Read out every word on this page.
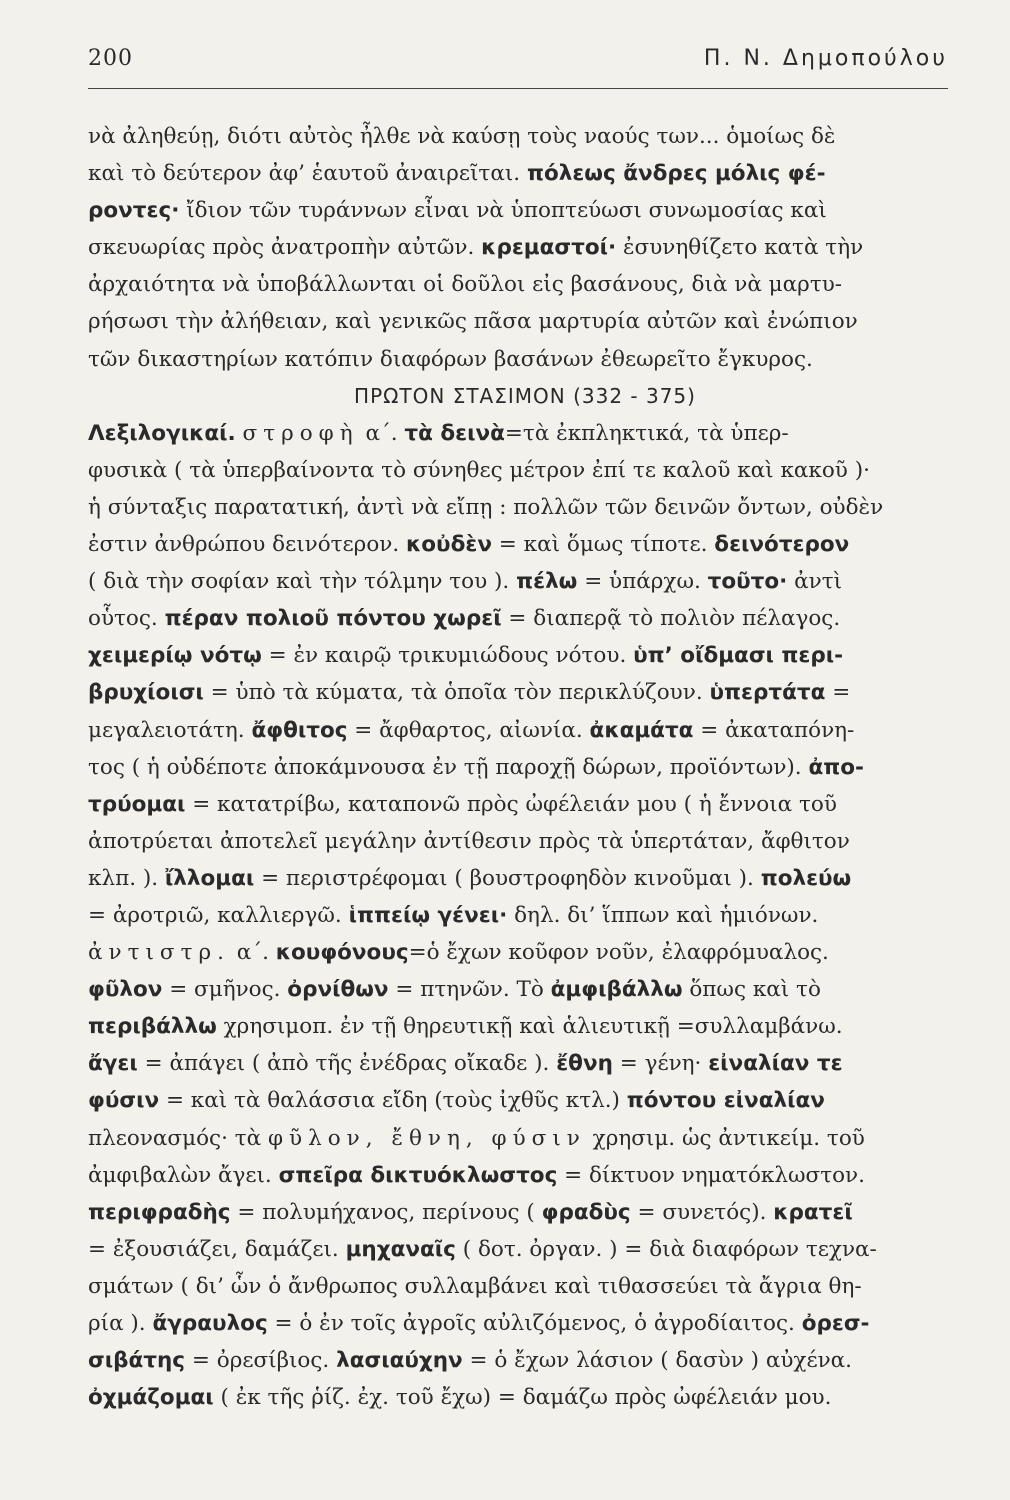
200	Π. Ν. Δημοπούλου
νὰ ἀληθεύῃ, διότι αὐτὸς ἦλθε νὰ καύσῃ τοὺς ναούς των... ὁμοίως δὲ
καὶ τὸ δεύτερον ἀφ’ ἑαυτοῦ ἀναιρεῖται. πόλεως ἄνδρες μόλις φέ-
ροντες· ἴδιον τῶν τυράννων εἶναι νὰ ὑποπτεύωσι συνωμοσίας καὶ
σκευωρίας πρὸς ἀνατροπὴν αὐτῶν. κρεμαστοί· ἐσυνηθίζετο κατὰ τὴν
ἀρχαιότητα νὰ ὑποβάλλωνται οἱ δοῦλοι εἰς βασάνους, διὰ νὰ μαρτυ-
ρήσωσι τὴν ἀλήθειαν, καὶ γενικῶς πᾶσα μαρτυρία αὐτῶν καὶ ἐνώπιον
τῶν δικαστηρίων κατόπιν διαφόρων βασάνων ἐθεωρεῖτο ἔγκυρος.
ΠΡΩΤΟΝ ΣΤΑΣΙΜΟΝ (332 - 375)
Λεξιλογικαί. στροφὴ α΄. τὰ δεινὰ=τὰ ἐκπληκτικά, τὰ ὑπερ-
φυσικὰ ( τὰ ὑπερβαίνοντα τὸ σύνηθες μέτρον ἐπί τε καλοῦ καὶ κακοῦ )·
ἡ σύνταξις παρατατική, ἀντὶ νὰ εἴπῃ : πολλῶν τῶν δεινῶν ὄντων, οὐδὲν
ἐστιν ἀνθρώπου δεινότερον. κοὐδὲν = καὶ ὅμως τίποτε. δεινότερον
( διὰ τὴν σοφίαν καὶ τὴν τόλμην του ). πέλω = ὑπάρχω. τοῦτο· ἀντὶ
οὗτος. πέραν πολιοῦ πόντου χωρεῖ = διαπερᾷ τὸ πολιὸν πέλαγος.
χειμερίῳ νότῳ = ἐν καιρῷ τρικυμιώδους νότου. ὑπ’ οἴδμασι περι-
βρυχίοισι = ὑπὸ τὰ κύματα, τὰ ὁποῖα τὸν περικλύζουν. ὑπερτάτα =
μεγαλειοτάτη. ἄφθιτος = ἄφθαρτος, αἰωνία. ἀκαμάτα = ἀκαταπόνη-
τος ( ἡ οὐδέποτε ἀποκάμνουσα ἐν τῇ παροχῇ δώρων, προϊόντων). ἀπο-
τρύομαι = κατατρίβω, καταπονῶ πρὸς ὠφέλειάν μου ( ἡ ἔννοια τοῦ
ἀποτρύεται ἀποτελεῖ μεγάλην ἀντίθεσιν πρὸς τὰ ὑπερτάταν, ἄφθιτον
κλπ. ). ἴλλομαι = περιστρέφομαι ( βουστροφηδὸν κινοῦμαι ). πολεύω
= ἀροτριῶ, καλλιεργῶ. ἱππείῳ γένει· δηλ. δι’ ἵππων καὶ ἡμιόνων.
ἀντιστρ. α΄. κουφόνους=ὁ ἔχων κοῦφον νοῦν, ἐλαφρόμυαλος.
φῦλον = σμῆνος. ὀρνίθων = πτηνῶν. Τὸ ἀμφιβάλλω ὅπως καὶ τὸ
περιβάλλω χρησιμοπ. ἐν τῇ θηρευτικῇ καὶ ἁλιευτικῇ =συλλαμβάνω.
ἄγει = ἀπάγει ( ἀπὸ τῆς ἐνέδρας οἴκαδε ). ἔθνη = γένη· εἰναλίαν τε
φύσιν = καὶ τὰ θαλάσσια εἴδη (τοὺς ἰχθῦς κτλ.) πόντου εἰναλίαν
πλεονασμός· τὰ φῦλον, ἔθνη, φύσιν χρησιμ. ὡς ἀντικείμ. τοῦ
ἀμφιβαλὼν ἄγει. σπεῖρα δικτυόκλωστος = δίκτυον νηματόκλωστον.
περιφραδὴς = πολυμήχανος, περίνους ( φραδὺς = συνετός). κρατεῖ
= ἐξουσιάζει, δαμάζει. μηχαναῖς ( δοτ. ὀργαν. ) = διὰ διαφόρων τεχνα-
σμάτων ( δι’ ὧν ὁ ἄνθρωπος συλλαμβάνει καὶ τιθασσεύει τὰ ἄγρια θη-
ρία ). ἄγραυλος = ὁ ἐν τοῖς ἀγροῖς αὐλιζόμενος, ὁ ἀγροδίαιτος. ὀρεσ-
σιβάτης = ὀρεσίβιος. λασιαύχην = ὁ ἔχων λάσιον ( δασὺν ) αὐχένα.
ὀχμάζομαι ( ἐκ τῆς ῥίζ. ἐχ. τοῦ ἔχω) = δαμάζω πρὸς ὠφέλειάν μου.
